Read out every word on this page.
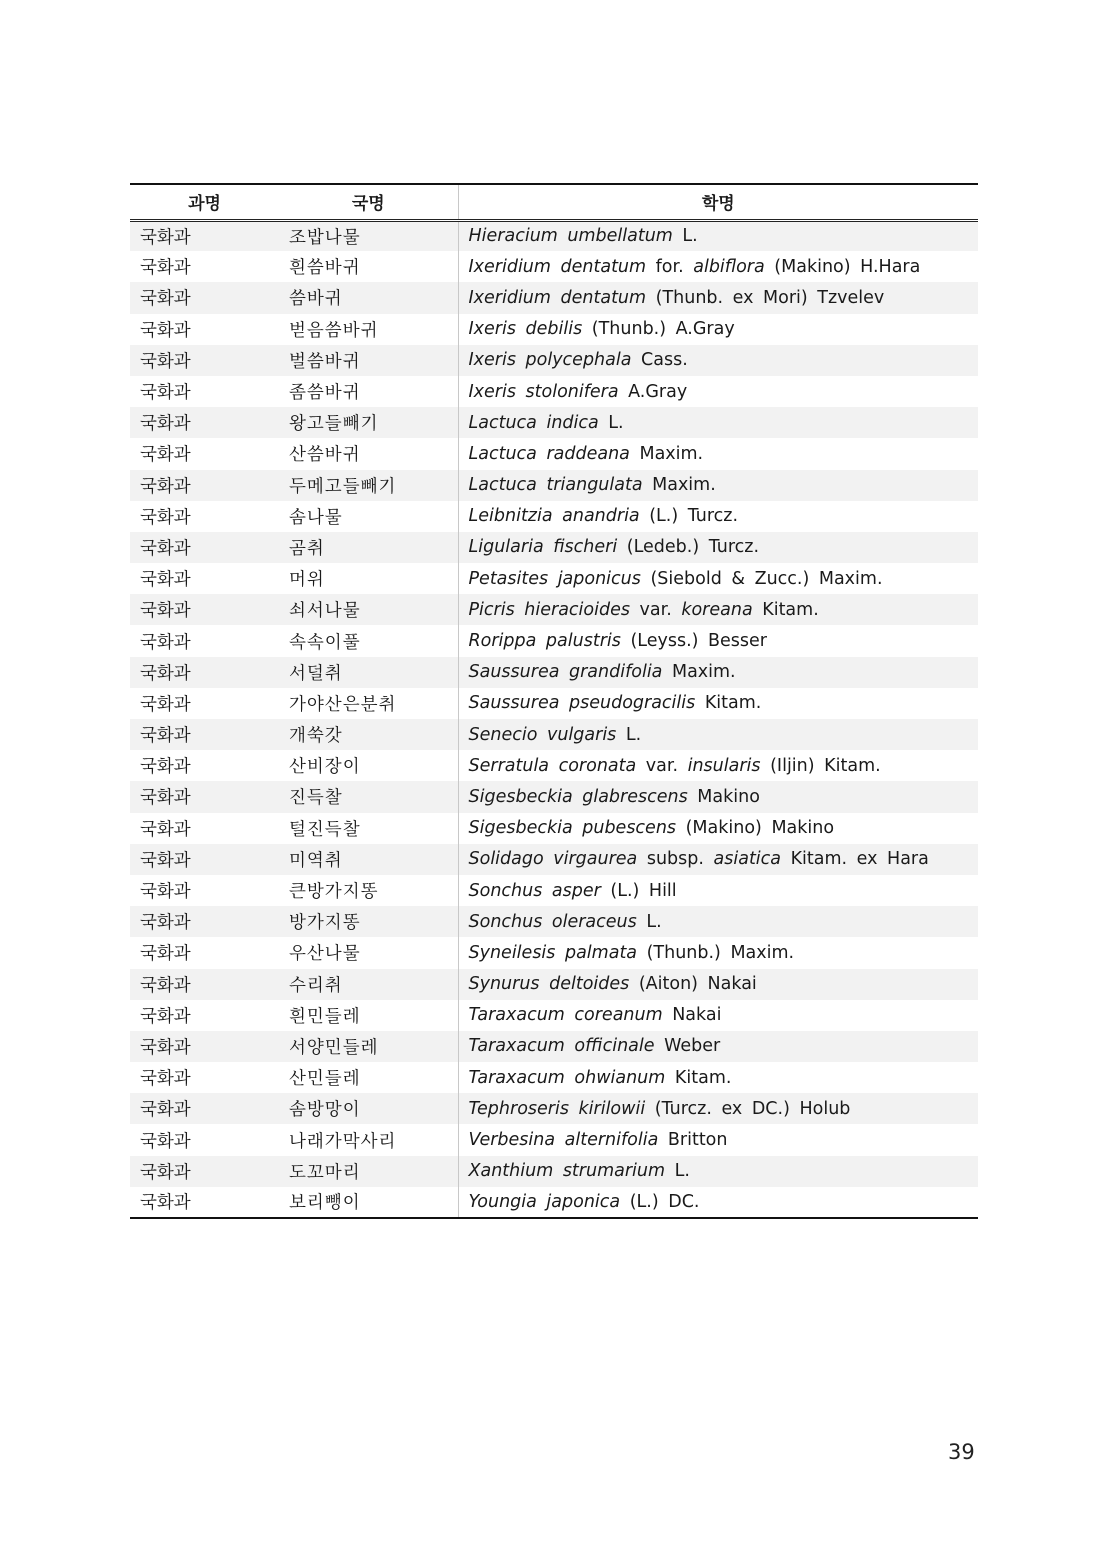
과명	국명	학명
국화과	조밥나물	Hieracium umbellatum L.
국화과	흰씀바귀	Ixeridium dentatum for. albiflora (Makino) H.Hara
국화과	씀바귀	Ixeridium dentatum (Thunb. ex Mori) Tzvelev
국화과	벋음씀바귀	Ixeris debilis (Thunb.) A.Gray
국화과	벌씀바귀	Ixeris polycephala Cass.
국화과	좀씀바귀	Ixeris stolonifera A.Gray
국화과	왕고들빼기	Lactuca indica L.
국화과	산씀바귀	Lactuca raddeana Maxim.
국화과	두메고들빼기	Lactuca triangulata Maxim.
국화과	솜나물	Leibnitzia anandria (L.) Turcz.
국화과	곰취	Ligularia fischeri (Ledeb.) Turcz.
국화과	머위	Petasites japonicus (Siebold & Zucc.) Maxim.
국화과	쇠서나물	Picris hieracioides var. koreana Kitam.
국화과	속속이풀	Rorippa palustris (Leyss.) Besser
국화과	서덜취	Saussurea grandifolia Maxim.
국화과	가야산은분취	Saussurea pseudogracilis Kitam.
국화과	개쑥갓	Senecio vulgaris L.
국화과	산비장이	Serratula coronata var. insularis (Iljin) Kitam.
국화과	진득찰	Sigesbeckia glabrescens Makino
국화과	털진득찰	Sigesbeckia pubescens (Makino) Makino
국화과	미역취	Solidago virgaurea subsp. asiatica Kitam. ex Hara
국화과	큰방가지똥	Sonchus asper (L.) Hill
국화과	방가지똥	Sonchus oleraceus L.
국화과	우산나물	Syneilesis palmata (Thunb.) Maxim.
국화과	수리취	Synurus deltoides (Aiton) Nakai
국화과	흰민들레	Taraxacum coreanum Nakai
국화과	서양민들레	Taraxacum officinale Weber
국화과	산민들레	Taraxacum ohwianum Kitam.
국화과	솜방망이	Tephroseris kirilowii (Turcz. ex DC.) Holub
국화과	나래가막사리	Verbesina alternifolia Britton
국화과	도꼬마리	Xanthium strumarium L.
국화과	보리뺑이	Youngia japonica (L.) DC.
39
